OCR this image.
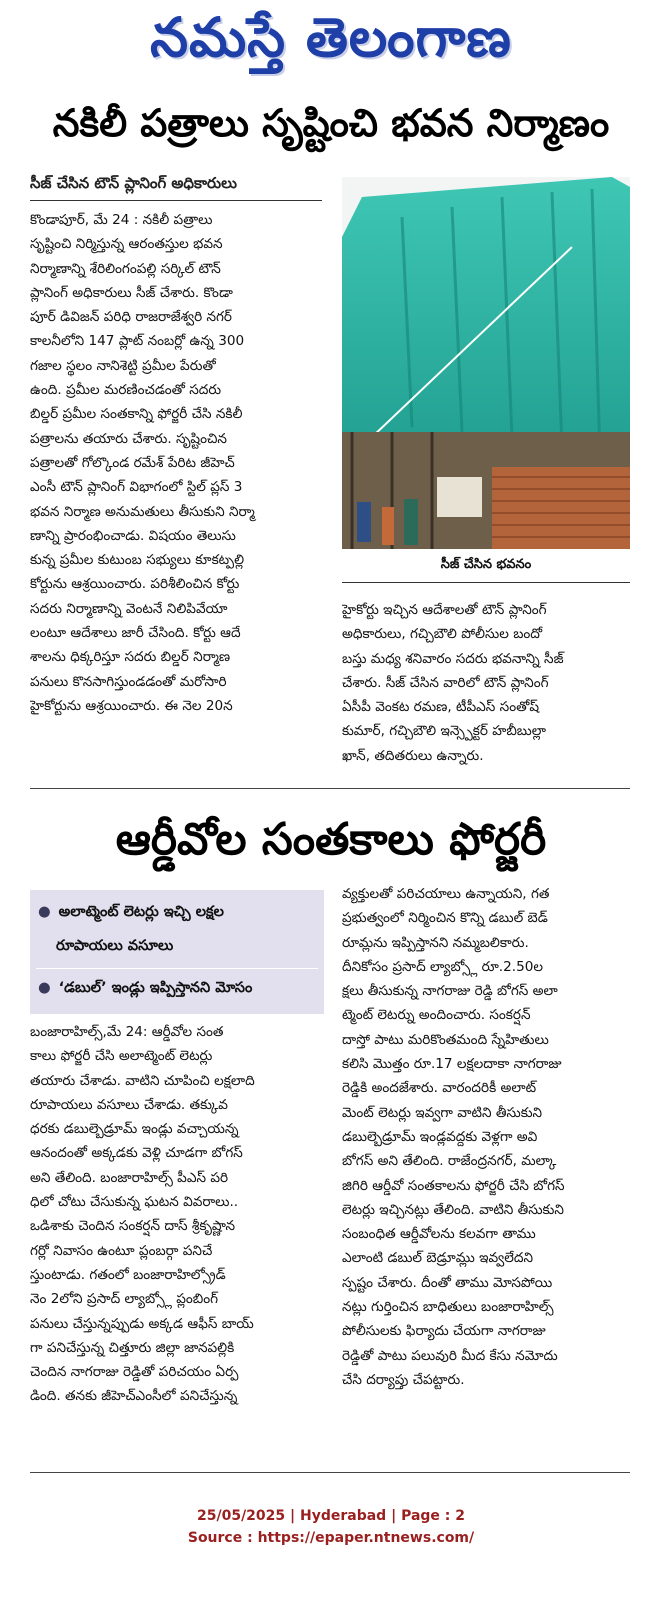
నమస్తే తెలంగాణ
నకిలీ పత్రాలు సృష్టించి భవన నిర్మాణం
సీజ్ చేసిన టౌన్ ప్లానింగ్ అధికారులు
కొండాపూర్, మే 24 : నకిలీ పత్రాలు
సృష్టించి నిర్మిస్తున్న ఆరంతస్తుల భవన
నిర్మాణాన్ని శేరిలింగంపల్లి సర్కిల్ టౌన్
ప్లానింగ్ అధికారులు సీజ్ చేశారు. కొండా
పూర్ డివిజన్ పరిధి రాజరాజేశ్వరి నగర్
కాలనీలోని 147 ప్లాట్ నంబర్లో ఉన్న 300
గజాల స్థలం నానిశెట్టి ప్రమీల పేరుతో
ఉంది. ప్రమీల మరణించడంతో సదరు
బిల్డర్ ప్రమీల సంతకాన్ని ఫోర్జరీ చేసి నకిలీ
పత్రాలను తయారు చేశారు. సృష్టించిన
పత్రాలతో గోల్కొండ రమేశ్ పేరిట జీహెచ్
ఎంసీ టౌన్ ప్లానింగ్ విభాగంలో స్టిల్ ప్లస్ 3
భవన నిర్మాణ అనుమతులు తీసుకుని నిర్మా
ణాన్ని ప్రారంభించాడు. విషయం తెలుసు
కున్న ప్రమీల కుటుంబ సభ్యులు కూకట్పల్లి
కోర్టును ఆశ్రయించారు. పరిశీలించిన కోర్టు
సదరు నిర్మాణాన్ని వెంటనే నిలిపివేయా
లంటూ ఆదేశాలు జారీ చేసింది. కోర్టు ఆదే
శాలను ధిక్కరిస్తూ సదరు బిల్డర్ నిర్మాణ
పనులు కొనసాగిస్తుండడంతో మరోసారి
హైకోర్టును ఆశ్రయించారు. ఈ నెల 20న
సీజ్ చేసిన భవనం
హైకోర్టు ఇచ్చిన ఆదేశాలతో టౌన్ ప్లానింగ్
అధికారులు, గచ్చిబౌలి పోలీసుల బందో
బస్తు మధ్య శనివారం సదరు భవనాన్ని సీజ్
చేశారు. సీజ్ చేసిన వారిలో టౌన్ ప్లానింగ్
ఏసీపీ వెంకట రమణ, టీపీఎస్ సంతోష్
కుమార్, గచ్చిబౌలి ఇన్స్పెక్టర్ హబీబుల్లా
ఖాన్, తదితరులు ఉన్నారు.
ఆర్డీవోల సంతకాలు ఫోర్జరీ
● అలాట్మెంట్ లెటర్లు ఇచ్చి లక్షల
రూపాయలు వసూలు
● ‘డబుల్’ ఇండ్లు ఇప్పిస్తానని మోసం
బంజారాహిల్స్,మే 24: ఆర్డీవోల సంత
కాలు ఫోర్జరీ చేసి అలాట్మెంట్ లెటర్లు
తయారు చేశాడు. వాటిని చూపించి లక్షలాది
రూపాయలు వసూలు చేశాడు. తక్కువ
ధరకు డబుల్బెడ్రూమ్ ఇండ్లు వచ్చాయన్న
ఆనందంతో అక్కడకు వెళ్లి చూడగా బోగస్
అని తేలింది. బంజారాహిల్స్ పీఎస్ పరి
ధిలో చోటు చేసుకున్న ఘటన వివరాలు..
ఒడిశాకు చెందిన సంకర్షన్ దాస్ శ్రీకృష్ణాన
గర్లో నివాసం ఉంటూ ప్లంబర్గా పనిచే
స్తుంటాడు. గతంలో బంజారాహిల్స్రోడ్
నెం 2లోని ప్రసాద్ ల్యాబ్స్లో ప్లంబింగ్
పనులు చేస్తున్నప్పుడు అక్కడ ఆఫీస్ బాయ్
గా పనిచేస్తున్న చిత్తూరు జిల్లా జానపల్లికి
చెందిన నాగరాజు రెడ్డితో పరిచయం ఏర్ప
డింది. తనకు జీహెచ్ఎంసీలో పనిచేస్తున్న
వ్యక్తులతో పరిచయాలు ఉన్నాయని, గత
ప్రభుత్వంలో నిర్మించిన కొన్ని డబుల్ బెడ్
రూమ్లను ఇప్పిస్తానని నమ్మబలికారు.
దీనికోసం ప్రసాద్ ల్యాబ్స్లో రూ.2.50ల
క్షలు తీసుకున్న నాగరాజు రెడ్డి బోగస్ అలా
ట్మెంట్ లెటర్ను అందించారు. సంకర్షన్
దాస్తో పాటు మరికొంతమంది స్నేహితులు
కలిసి మొత్తం రూ.17 లక్షలదాకా నాగరాజు
రెడ్డికి అందజేశారు. వారందరికీ అలాట్
మెంట్ లెటర్లు ఇవ్వగా వాటిని తీసుకుని
డబుల్బెడ్రూమ్ ఇండ్లవద్దకు వెళ్లగా అవి
బోగస్ అని తేలింది. రాజేంద్రనగర్, మల్కా
జిగిరి ఆర్డీవో సంతకాలను ఫోర్జరీ చేసి బోగస్
లెటర్లు ఇచ్చినట్లు తేలింది. వాటిని తీసుకుని
సంబంధిత ఆర్డీవోలను కలవగా తాము
ఎలాంటి డబుల్ బెడ్రూమ్లు ఇవ్వలేదని
స్పష్టం చేశారు. దీంతో తాము మోసపోయి
నట్లు గుర్తించిన బాధితులు బంజారాహిల్స్
పోలీసులకు ఫిర్యాదు చేయగా నాగరాజు
రెడ్డితో పాటు పలువురి మీద కేసు నమోదు
చేసి దర్యాప్తు చేపట్టారు.
25/05/2025 | Hyderabad | Page : 2
Source : https://epaper.ntnews.com/
